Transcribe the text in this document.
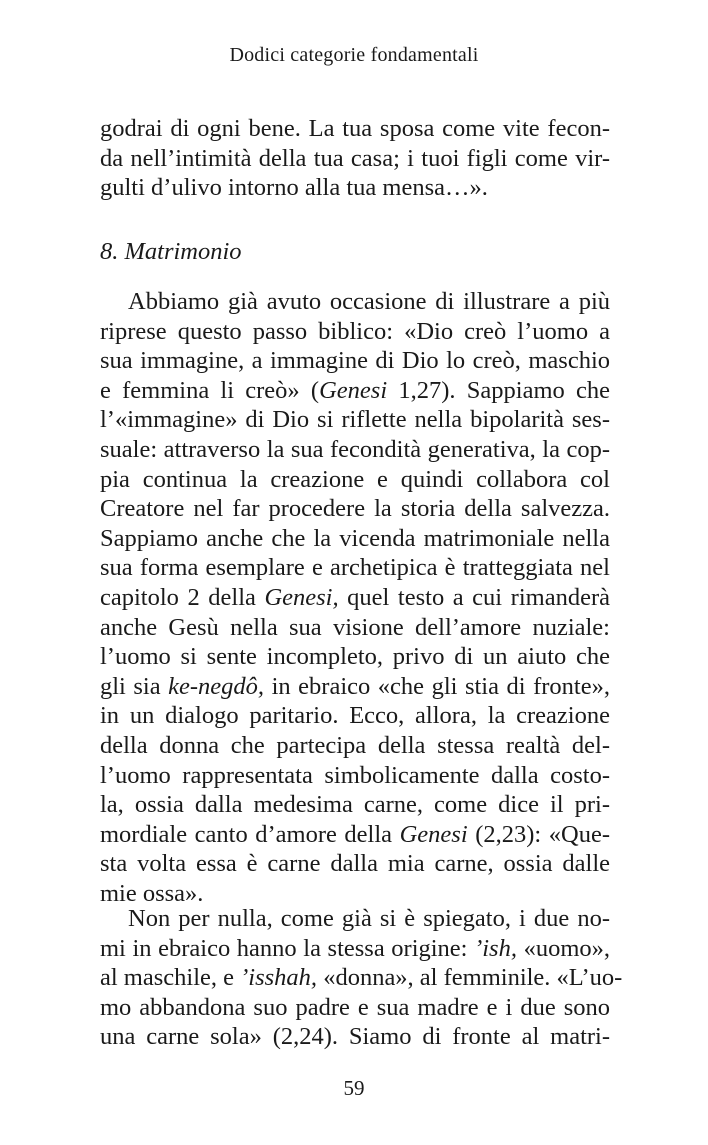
Dodici categorie fondamentali
godrai di ogni bene. La tua sposa come vite fecon-
da nell’intimità della tua casa; i tuoi figli come vir-
gulti d’ulivo intorno alla tua mensa…».
8. Matrimonio
Abbiamo già avuto occasione di illustrare a più
riprese questo passo biblico: «Dio creò l’uomo a
sua immagine, a immagine di Dio lo creò, maschio
e femmina li creò» (Genesi 1,27). Sappiamo che
l’«immagine» di Dio si riflette nella bipolarità ses-
suale: attraverso la sua fecondità generativa, la cop-
pia continua la creazione e quindi collabora col
Creatore nel far procedere la storia della salvezza.
Sappiamo anche che la vicenda matrimoniale nella
sua forma esemplare e archetipica è tratteggiata nel
capitolo 2 della Genesi, quel testo a cui rimanderà
anche Gesù nella sua visione dell’amore nuziale:
l’uomo si sente incompleto, privo di un aiuto che
gli sia ke-negdô, in ebraico «che gli stia di fronte»,
in un dialogo paritario. Ecco, allora, la creazione
della donna che partecipa della stessa realtà del-
l’uomo rappresentata simbolicamente dalla costo-
la, ossia dalla medesima carne, come dice il pri-
mordiale canto d’amore della Genesi (2,23): «Que-
sta volta essa è carne dalla mia carne, ossia dalle
mie ossa».
Non per nulla, come già si è spiegato, i due no-
mi in ebraico hanno la stessa origine: ’ish, «uomo»,
al maschile, e ’isshah, «donna», al femminile. «L’uo-
mo abbandona suo padre e sua madre e i due sono
una carne sola» (2,24). Siamo di fronte al matri-
59
